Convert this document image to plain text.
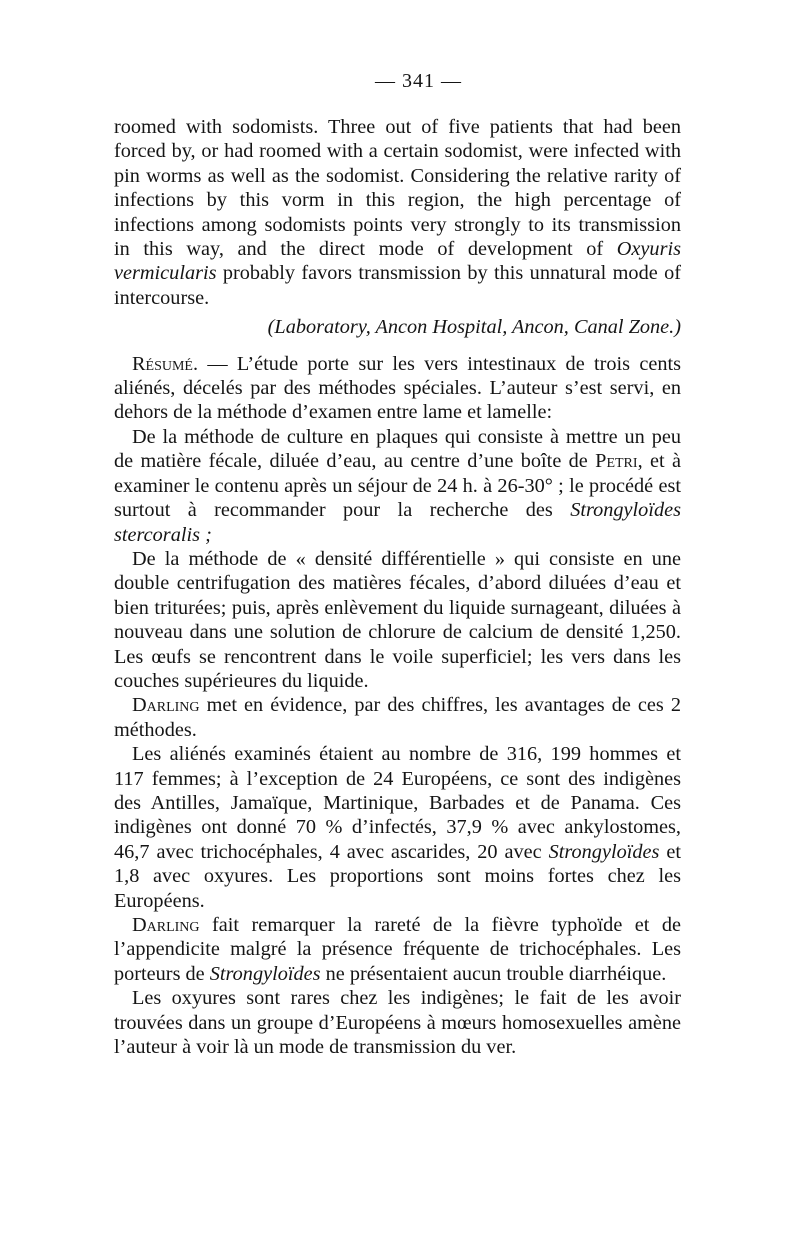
— 341 —

roomed with sodomists. Three out of five patients that had been forced by, or had roomed with a certain sodomist, were infected with pin worms as well as the sodomist. Considering the relative rarity of infections by this vorm in this region, the high percentage of infections among sodomists points very strongly to its transmission in this way, and the direct mode of development of Oxyuris vermicularis probably favors transmission by this unnatural mode of intercourse.

(Laboratory, Ancon Hospital, Ancon, Canal Zone.)

Résumé. — L’étude porte sur les vers intestinaux de trois cents aliénés, décelés par des méthodes spéciales. L’auteur s’est servi, en dehors de la méthode d’examen entre lame et lamelle:

De la méthode de culture en plaques qui consiste à mettre un peu de matière fécale, diluée d’eau, au centre d’une boîte de Petri, et à examiner le contenu après un séjour de 24 h. à 26-30° ; le procédé est surtout à recommander pour la recherche des Strongyloïdes stercoralis ;

De la méthode de « densité différentielle » qui consiste en une double centrifugation des matières fécales, d’abord diluées d’eau et bien triturées; puis, après enlèvement du liquide surnageant, diluées à nouveau dans une solution de chlorure de calcium de densité 1,250. Les œufs se rencontrent dans le voile superficiel; les vers dans les couches supérieures du liquide.

Darling met en évidence, par des chiffres, les avantages de ces 2 méthodes.

Les aliénés examinés étaient au nombre de 316, 199 hommes et 117 femmes; à l’exception de 24 Européens, ce sont des indigènes des Antilles, Jamaïque, Martinique, Barbades et de Panama. Ces indigènes ont donné 70 % d’infectés, 37,9 % avec ankylostomes, 46,7 avec trichocéphales, 4 avec ascarides, 20 avec Strongyloïdes et 1,8 avec oxyures. Les proportions sont moins fortes chez les Européens.

Darling fait remarquer la rareté de la fièvre typhoïde et de l’appendicite malgré la présence fréquente de trichocéphales. Les porteurs de Strongyloïdes ne présentaient aucun trouble diarrhéique.

Les oxyures sont rares chez les indigènes; le fait de les avoir trouvées dans un groupe d’Européens à mœurs homosexuelles amène l’auteur à voir là un mode de transmission du ver.
